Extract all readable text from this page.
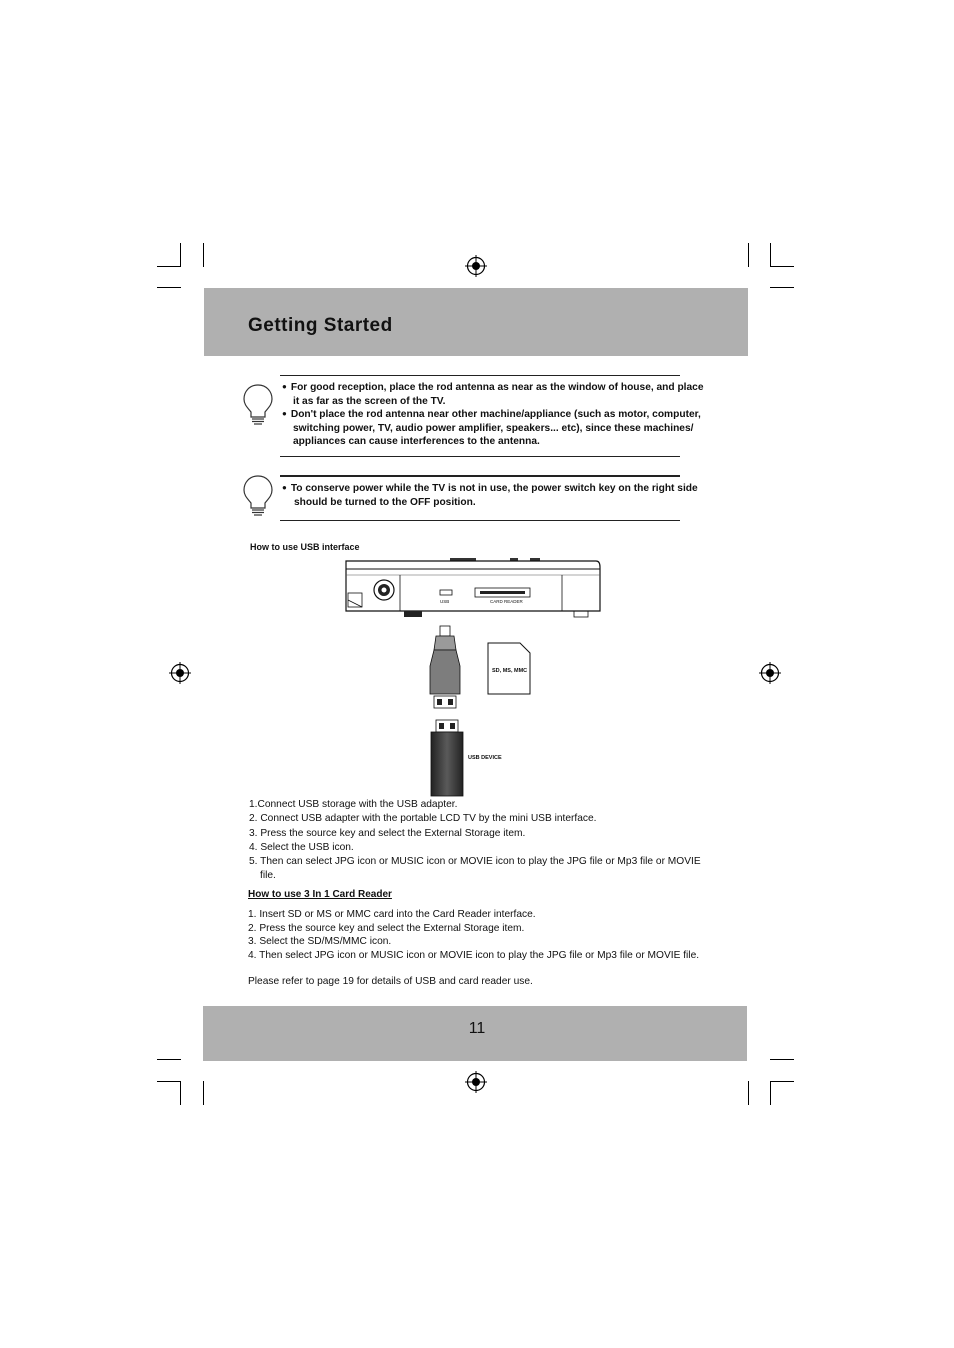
Getting Started

● For good reception, place the rod antenna as near as the window of house, and place

it as far as the screen of the TV.

● Don't place the rod antenna near other machine/appliance (such as motor, computer,

switching power, TV, audio power amplifier, speakers... etc), since these machines/

appliances can cause interferences to the antenna.

● To conserve power while the TV is not in use, the power switch key on the right side

should be turned to the OFF position.

How to use USB interface
USB	CARD READER
SD, MS, MMC
USB DEVICE

1.Connect USB storage with the USB adapter.

2. Connect USB adapter with the portable LCD TV by the mini USB interface.

3. Press the source key and select the External Storage item.

4. Select the USB icon.

5. Then can select JPG icon or MUSIC icon or MOVIE icon to play the JPG file or Mp3 file or MOVIE

file.

How to use 3 In 1 Card Reader

1. Insert SD or MS or MMC card into the Card Reader interface.

2. Press the source key and select the External Storage item.

3. Select the SD/MS/MMC icon.

4. Then select JPG icon or MUSIC icon or MOVIE icon to play the JPG file or Mp3 file or MOVIE file.

Please refer to page 19 for details of USB and card reader use.
11
